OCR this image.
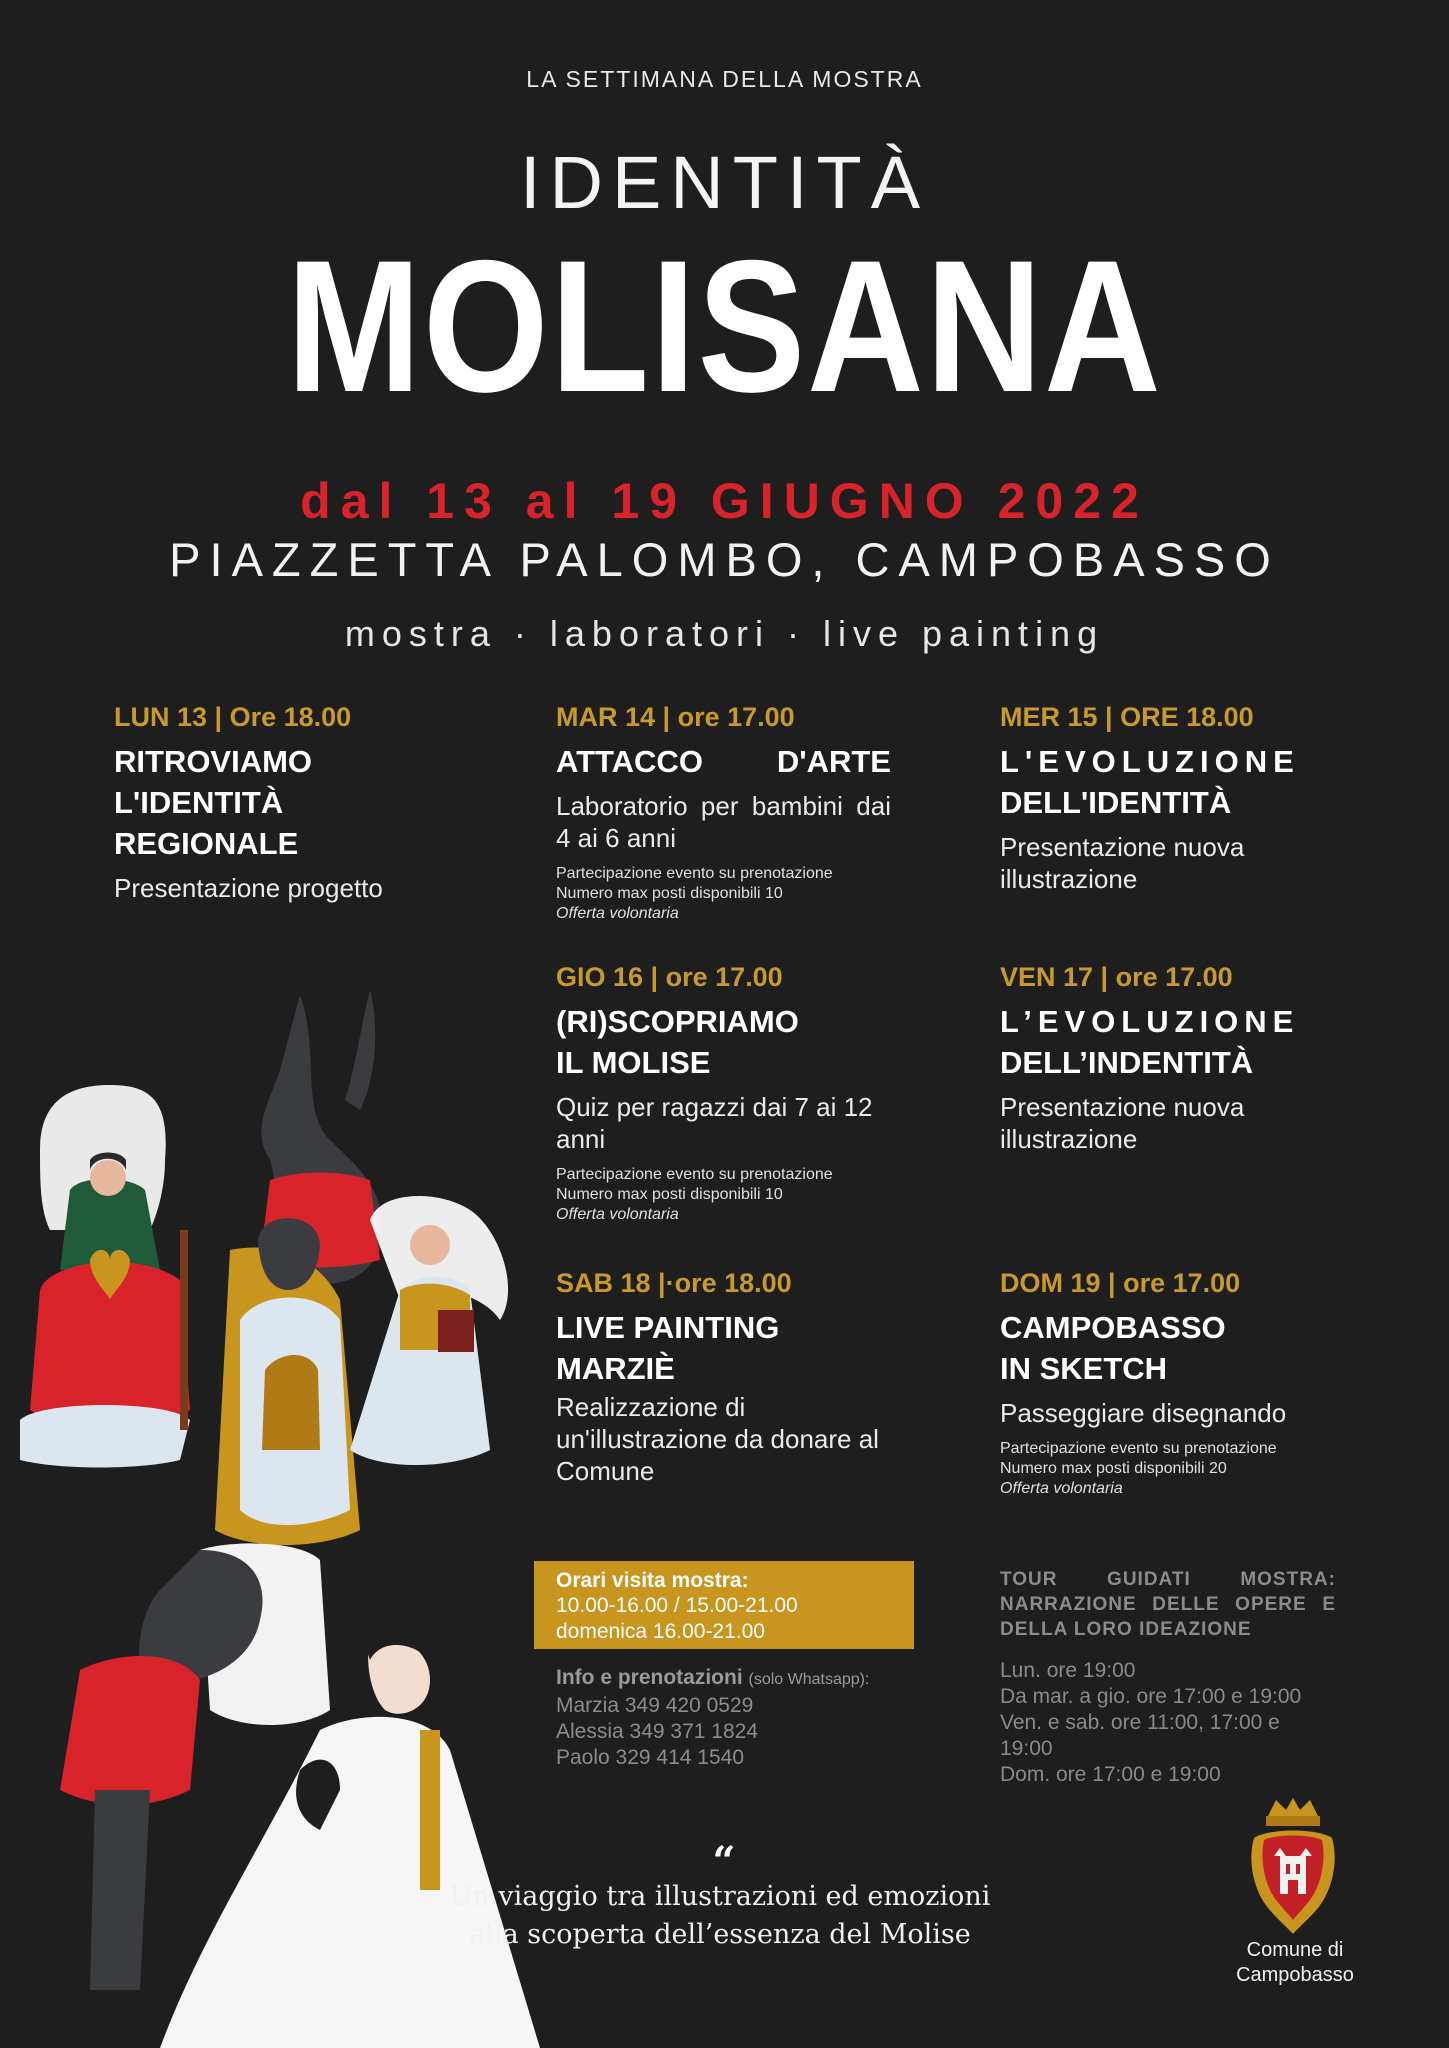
LA SETTIMANA DELLA MOSTRA
IDENTITÀ
MOLISANA
dal 13 al 19 GIUGNO 2022
PIAZZETTA PALOMBO, CAMPOBASSO
mostra · laboratori · live painting
LUN 13 | Ore 18.00
RITROVIAMO
L'IDENTITÀ
REGIONALE
Presentazione progetto
MAR 14 | ore 17.00
ATTACCO D'ARTE
Laboratorio per bambini dai 4 ai 6 anni
Partecipazione evento su prenotazione
Numero max posti disponibili 10
Offerta volontaria
MER 15 | ORE 18.00
L'EVOLUZIONE
DELL'IDENTITÀ
Presentazione nuova illustrazione
GIO 16 | ore 17.00
(RI)SCOPRIAMO
IL MOLISE
Quiz per ragazzi dai 7 ai 12 anni
Partecipazione evento su prenotazione
Numero max posti disponibili 10
Offerta volontaria
VEN 17 | ore 17.00
L’EVOLUZIONE
DELL’INDENTITÀ
Presentazione nuova illustrazione
SAB 18 |·ore 18.00
LIVE PAINTING
MARZIÈ
Realizzazione di un'illustrazione da donare al Comune
DOM 19 | ore 17.00
CAMPOBASSO
IN SKETCH
Passeggiare disegnando
Partecipazione evento su prenotazione
Numero max posti disponibili 20
Offerta volontaria
Orari visita mostra:
10.00-16.00 / 15.00-21.00
domenica 16.00-21.00
Info e prenotazioni (solo Whatsapp):
Marzia 349 420 0529
Alessia 349 371 1824
Paolo 329 414 1540
TOUR GUIDATI MOSTRA:
NARRAZIONE DELLE OPERE E
DELLA LORO IDEAZIONE
Lun. ore 19:00
Da mar. a gio. ore 17:00 e 19:00
Ven. e sab. ore 11:00, 17:00 e 19:00
Dom. ore 17:00 e 19:00
“
Un viaggio tra illustrazioni ed emozioni
alla scoperta dell’essenza del Molise	Comune di
Campobasso
